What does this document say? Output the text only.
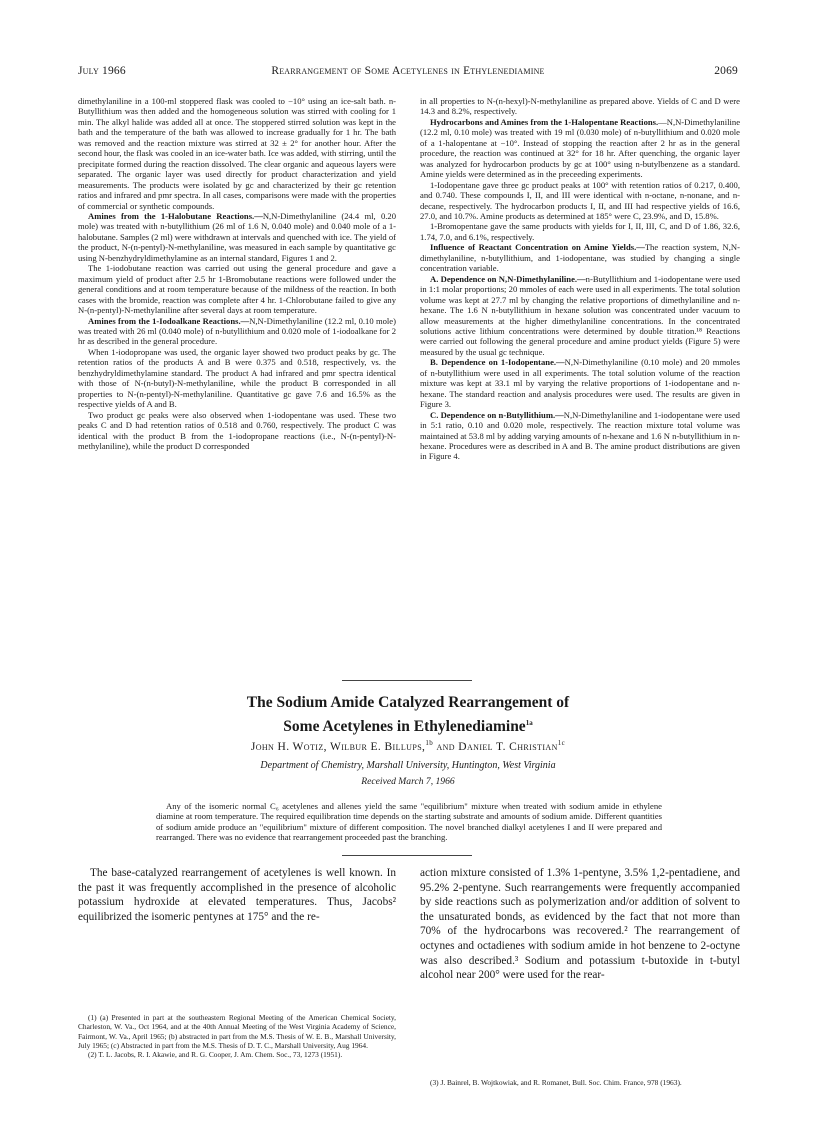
July 1966	Rearrangement of Some Acetylenes in Ethylenediamine	2069

dimethylaniline in a 100-ml stoppered flask was cooled to −10° using an ice-salt bath. n-Butyllithium was then added and the homogeneous solution was stirred with cooling for 1 min. The alkyl halide was added all at once. The stoppered stirred solution was kept in the bath and the temperature of the bath was allowed to increase gradually for 1 hr. The bath was removed and the reaction mixture was stirred at 32 ± 2° for another hour. After the second hour, the flask was cooled in an ice-water bath. Ice was added, with stirring, until the precipitate formed during the reaction dissolved. The clear organic and aqueous layers were separated. The organic layer was used directly for product characterization and yield measurements. The products were isolated by gc and characterized by their gc retention ratios and infrared and pmr spectra. In all cases, comparisons were made with the properties of commercial or synthetic compounds.

Amines from the 1-Halobutane Reactions.—N,N-Dimethylaniline (24.4 ml, 0.20 mole) was treated with n-butyllithium (26 ml of 1.6 N, 0.040 mole) and 0.040 mole of a 1-halobutane. Samples (2 ml) were withdrawn at intervals and quenched with ice. The yield of the product, N-(n-pentyl)-N-methylaniline, was measured in each sample by quantitative gc using N-benzhydryldimethylamine as an internal standard, Figures 1 and 2.

The 1-iodobutane reaction was carried out using the general procedure and gave a maximum yield of product after 2.5 hr 1-Bromobutane reactions were followed under the general conditions and at room temperature because of the mildness of the reaction. In both cases with the bromide, reaction was complete after 4 hr. 1-Chlorobutane failed to give any N-(n-pentyl)-N-methylaniline after several days at room temperature.

Amines from the 1-Iodoalkane Reactions.—N,N-Dimethylaniline (12.2 ml, 0.10 mole) was treated with 26 ml (0.040 mole) of n-butyllithium and 0.020 mole of 1-iodoalkane for 2 hr as described in the general procedure.

When 1-iodopropane was used, the organic layer showed two product peaks by gc. The retention ratios of the products A and B were 0.375 and 0.518, respectively, vs. the benzhydryldimethylamine standard. The product A had infrared and pmr spectra identical with those of N-(n-butyl)-N-methylaniline, while the product B corresponded in all properties to N-(n-pentyl)-N-methylaniline. Quantitative gc gave 7.6 and 16.5% as the respective yields of A and B.

Two product gc peaks were also observed when 1-iodopentane was used. These two peaks C and D had retention ratios of 0.518 and 0.760, respectively. The product C was identical with the product B from the 1-iodopropane reactions (i.e., N-(n-pentyl)-N-methylaniline), while the product D corresponded

in all properties to N-(n-hexyl)-N-methylaniline as prepared above. Yields of C and D were 14.3 and 8.2%, respectively.

Hydrocarbons and Amines from the 1-Halopentane Reactions.—N,N-Dimethylaniline (12.2 ml, 0.10 mole) was treated with 19 ml (0.030 mole) of n-butyllithium and 0.020 mole of a 1-halopentane at −10°. Instead of stopping the reaction after 2 hr as in the general procedure, the reaction was continued at 32° for 18 hr. After quenching, the organic layer was analyzed for hydrocarbon products by gc at 100° using n-butylbenzene as a standard. Amine yields were determined as in the preceeding experiments.

1-Iodopentane gave three gc product peaks at 100° with retention ratios of 0.217, 0.400, and 0.740. These compounds I, II, and III were identical with n-octane, n-nonane, and n-decane, respectively. The hydrocarbon products I, II, and III had respective yields of 16.6, 27.0, and 10.7%. Amine products as determined at 185° were C, 23.9%, and D, 15.8%.

1-Bromopentane gave the same products with yields for I, II, III, C, and D of 1.86, 32.6, 1.74, 7.0, and 6.1%, respectively.

Influence of Reactant Concentration on Amine Yields.—The reaction system, N,N-dimethylaniline, n-butyllithium, and 1-iodopentane, was studied by changing a single concentration variable.

A. Dependence on N,N-Dimethylaniline.—n-Butyllithium and 1-iodopentane were used in 1:1 molar proportions; 20 mmoles of each were used in all experiments. The total solution volume was kept at 27.7 ml by changing the relative proportions of dimethylaniline and n-hexane. The 1.6 N n-butyllithium in hexane solution was concentrated under vacuum to allow measurements at the higher dimethylaniline concentrations. In the concentrated solutions active lithium concentrations were determined by double titration.¹⁸ Reactions were carried out following the general procedure and amine product yields (Figure 5) were measured by the usual gc technique.

B. Dependence on 1-Iodopentane.—N,N-Dimethylaniline (0.10 mole) and 20 mmoles of n-butyllithium were used in all experiments. The total solution volume of the reaction mixture was kept at 33.1 ml by varying the relative proportions of 1-iodopentane and n-hexane. The standard reaction and analysis procedures were used. The results are given in Figure 3.

C. Dependence on n-Butyllithium.—N,N-Dimethylaniline and 1-iodopentane were used in 5:1 ratio, 0.10 and 0.020 mole, respectively. The reaction mixture total volume was maintained at 53.8 ml by adding varying amounts of n-hexane and 1.6 N n-butyllithium in n-hexane. Procedures were as described in A and B. The amine product distributions are given in Figure 4.

The Sodium Amide Catalyzed Rearrangement of
Some Acetylenes in Ethylenediamine$^{1a}$
John H. Wotiz, Wilbur E. Billups,$^{1b}$ and Daniel T. Christian$^{1c}$
Department of Chemistry, Marshall University, Huntington, West Virginia
Received March 7, 1966
Any of the isomeric normal C₆ acetylenes and allenes yield the same "equilibrium" mixture when treated with sodium amide in ethylene diamine at room temperature. The required equilibration time depends on the starting substrate and amounts of sodium amide. Different quantities of sodium amide produce an "equilibrium" mixture of different composition. The novel branched dialkyl acetylenes I and II were prepared and rearranged. There was no evidence that rearrangement proceeded past the branching.

The base-catalyzed rearrangement of acetylenes is well known. In the past it was frequently accomplished in the presence of alcoholic potassium hydroxide at elevated temperatures. Thus, Jacobs² equilibrized the isomeric pentynes at 175° and the re-

action mixture consisted of 1.3% 1-pentyne, 3.5% 1,2-pentadiene, and 95.2% 2-pentyne. Such rearrangements were frequently accompanied by side reactions such as polymerization and/or addition of solvent to the unsaturated bonds, as evidenced by the fact that not more than 70% of the hydrocarbons was recovered.² The rearrangement of octynes and octadienes with sodium amide in hot benzene to 2-octyne was also described.³ Sodium and potassium t-butoxide in t-butyl alcohol near 200° were used for the rear-

(1) (a) Presented in part at the southeastern Regional Meeting of the American Chemical Society, Charleston, W. Va., Oct 1964, and at the 40th Annual Meeting of the West Virginia Academy of Science, Fairmont, W. Va., April 1965; (b) abstracted in part from the M.S. Thesis of W. E. B., Marshall University, July 1965; (c) Abstracted in part from the M.S. Thesis of D. T. C., Marshall University, Aug 1964.

(2) T. L. Jacobs, R. I. Akawie, and R. G. Cooper, J. Am. Chem. Soc., 73, 1273 (1951).

(3) J. Bainrel, B. Wojtkowiak, and R. Romanet, Bull. Soc. Chim. France, 978 (1963).
